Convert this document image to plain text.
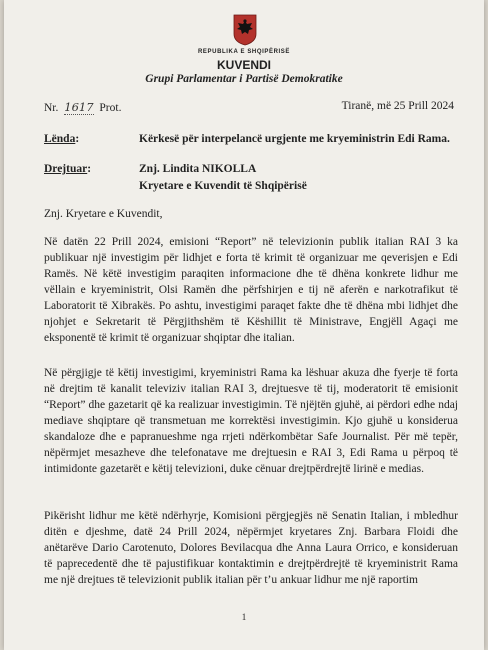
REPUBLIKA E SHQIPËRISË
KUVENDI
Grupi Parlamentar i Partisë Demokratike
Nr. 1617 Prot.	Tiranë, më 25 Prill 2024
Lënda:	Kërkesë për interpelancë urgjente me kryeministrin Edi Rama.
Drejtuar:	Znj. Lindita NIKOLLA
Kryetare e Kuvendit të Shqipërisë
Znj. Kryetare e Kuvendit,

Në datën 22 Prill 2024, emisioni “Report” në televizionin publik italian RAI 3 ka publikuar një investigim për lidhjet e forta të krimit të organizuar me qeverisjen e Edi Ramës. Në këtë investigim paraqiten informacione dhe të dhëna konkrete lidhur me vëllain e kryeministrit, Olsi Ramën dhe përfshirjen e tij në aferën e narkotrafikut të Laboratorit të Xibrakës. Po ashtu, investigimi paraqet fakte dhe të dhëna mbi lidhjet dhe njohjet e Sekretarit të Përgjithshëm të Këshillit të Ministrave, Engjëll Agaçi me eksponentë të krimit të organizuar shqiptar dhe italian.

Në përgjigje të këtij investigimi, kryeministri Rama ka lëshuar akuza dhe fyerje të forta në drejtim të kanalit televiziv italian RAI 3, drejtuesve të tij, moderatorit të emisionit “Report” dhe gazetarit që ka realizuar investigimin. Të njëjtën gjuhë, ai përdori edhe ndaj mediave shqiptare që transmetuan me korrektësi investigimin. Kjo gjuhë u konsiderua skandaloze dhe e papranueshme nga rrjeti ndërkombëtar Safe Journalist. Për më tepër, nëpërmjet mesazheve dhe telefonatave me drejtuesin e RAI 3, Edi Rama u përpoq të intimidonte gazetarët e këtij televizioni, duke cënuar drejtpërdrejtë lirinë e medias.

Pikërisht lidhur me këtë ndërhyrje, Komisioni përgjegjës në Senatin Italian, i mbledhur ditën e djeshme, datë 24 Prill 2024, nëpërmjet kryetares Znj. Barbara Floidi dhe anëtarëve Dario Carotenuto, Dolores Bevilacqua dhe Anna Laura Orrico, e konsideruan të paprecedentë dhe të pajustifikuar kontaktimin e drejtpërdrejtë të kryeministrit Rama me një drejtues të televizionit publik italian për t’u ankuar lidhur me një raportim

1
